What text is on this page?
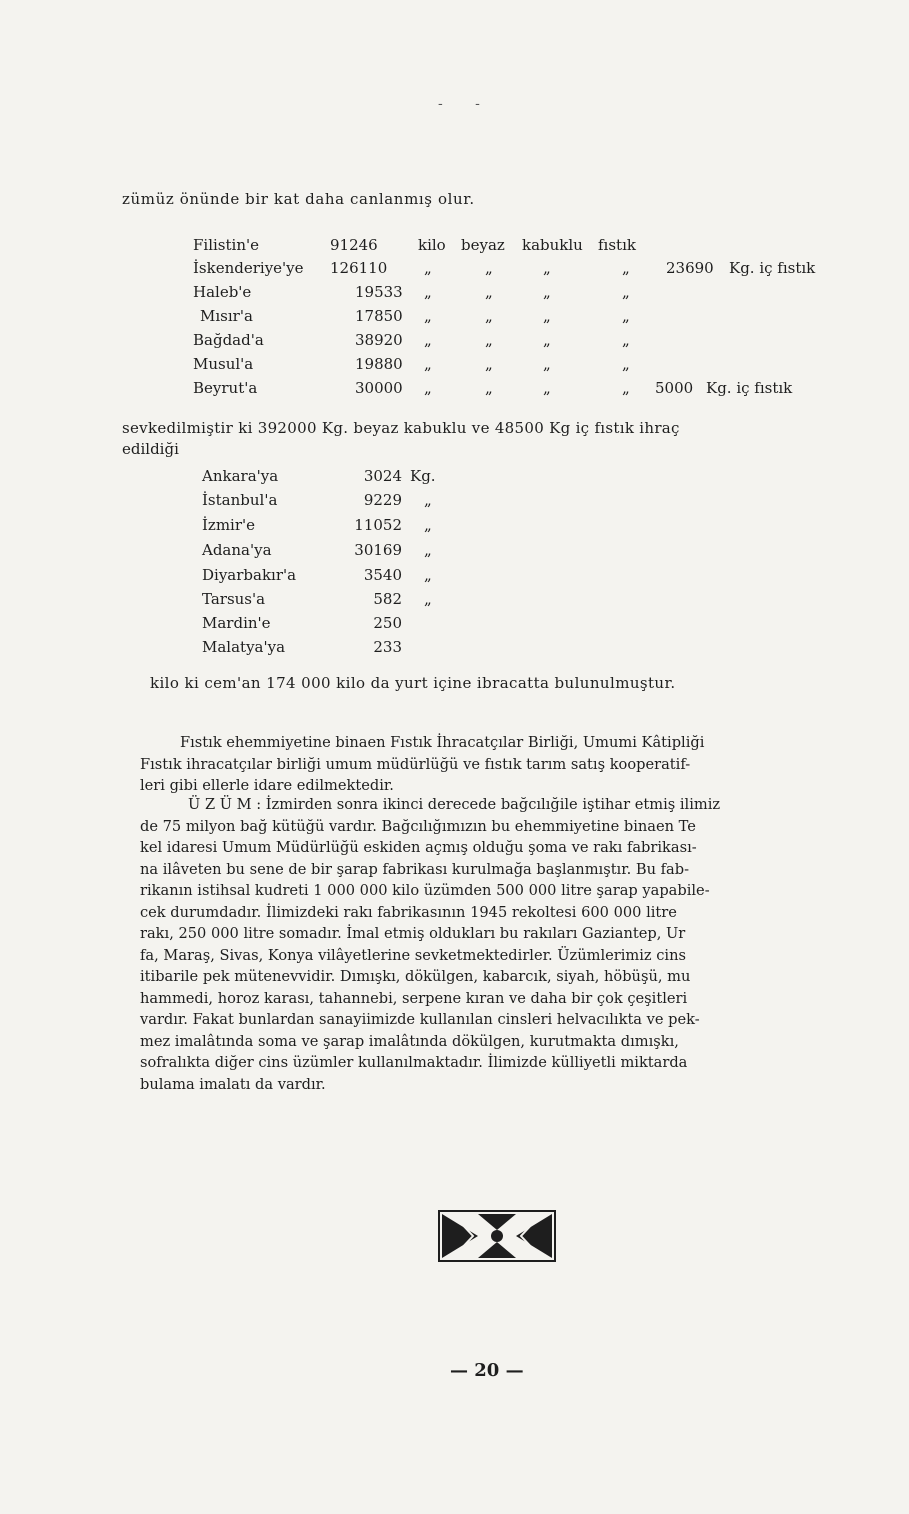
- -
zümüz önünde bir kat daha canlanmış olur.
Filistin'e	91246	kilo beyaz kabuklu fıstık
İskenderiye'ye 126110 „	„	„	„ 23690 Kg. iç fıstık
Haleb'e	19533 „	„	„	„
Mısır'a	17850 „	„	„	„
Bağdad'a	38920 „	„	„	„
Musul'a	19880 „	„	„	„
Beyrut'a	30000 „	„	„	„ 5000 Kg. iç fıstık
sevkedilmiştir ki 392000 Kg. beyaz kabuklu ve 48500 Kg iç fıstık ihraç
edildiği
Ankara'ya	3024 Kg.
İstanbul'a	9229 „
İzmir'e	11052 „
Adana'ya	30169 „
Diyarbakır'a	3540 „
Tarsus'a	582 „
Mardin'e	250
Malatya'ya	233
kilo ki cem'an 174 000 kilo da yurt içine ibracatta bulunulmuştur.

Fıstık ehemmiyetine binaen Fıstık İhracatçılar Birliği, Umumi Kâtipliği

Fıstık ihracatçılar birliği umum müdürlüğü ve fıstık tarım satış kooperatif-

leri gibi ellerle idare edilmektedir.

Ü Z Ü M : İzmirden sonra ikinci derecede bağcılığile iştihar etmiş ilimiz

de 75 milyon bağ kütüğü vardır. Bağcılığımızın bu ehemmiyetine binaen Te

kel idaresi Umum Müdürlüğü eskiden açmış olduğu şoma ve rakı fabrikası-

na ilâveten bu sene de bir şarap fabrikası kurulmağa başlanmıştır. Bu fab-

rikanın istihsal kudreti 1 000 000 kilo üzümden 500 000 litre şarap yapabile-

cek durumdadır. İlimizdeki rakı fabrikasının 1945 rekoltesi 600 000 litre

rakı, 250 000 litre somadır. İmal etmiş oldukları bu rakıları Gaziantep, Ur

fa, Maraş, Sivas, Konya vilâyetlerine sevketmektedirler. Üzümlerimiz cins

itibarile pek mütenevvidir. Dımışkı, dökülgen, kabarcık, siyah, höbüşü, mu

hammedi, horoz karası, tahannebi, serpene kıran ve daha bir çok çeşitleri

vardır. Fakat bunlardan sanayiimizde kullanılan cinsleri helvacılıkta ve pek-

mez imalâtında soma ve şarap imalâtında dökülgen, kurutmakta dımışkı,

sofralıkta diğer cins üzümler kullanılmaktadır. İlimizde külliyetli miktarda

bulama imalatı da vardır.

— 20 —
